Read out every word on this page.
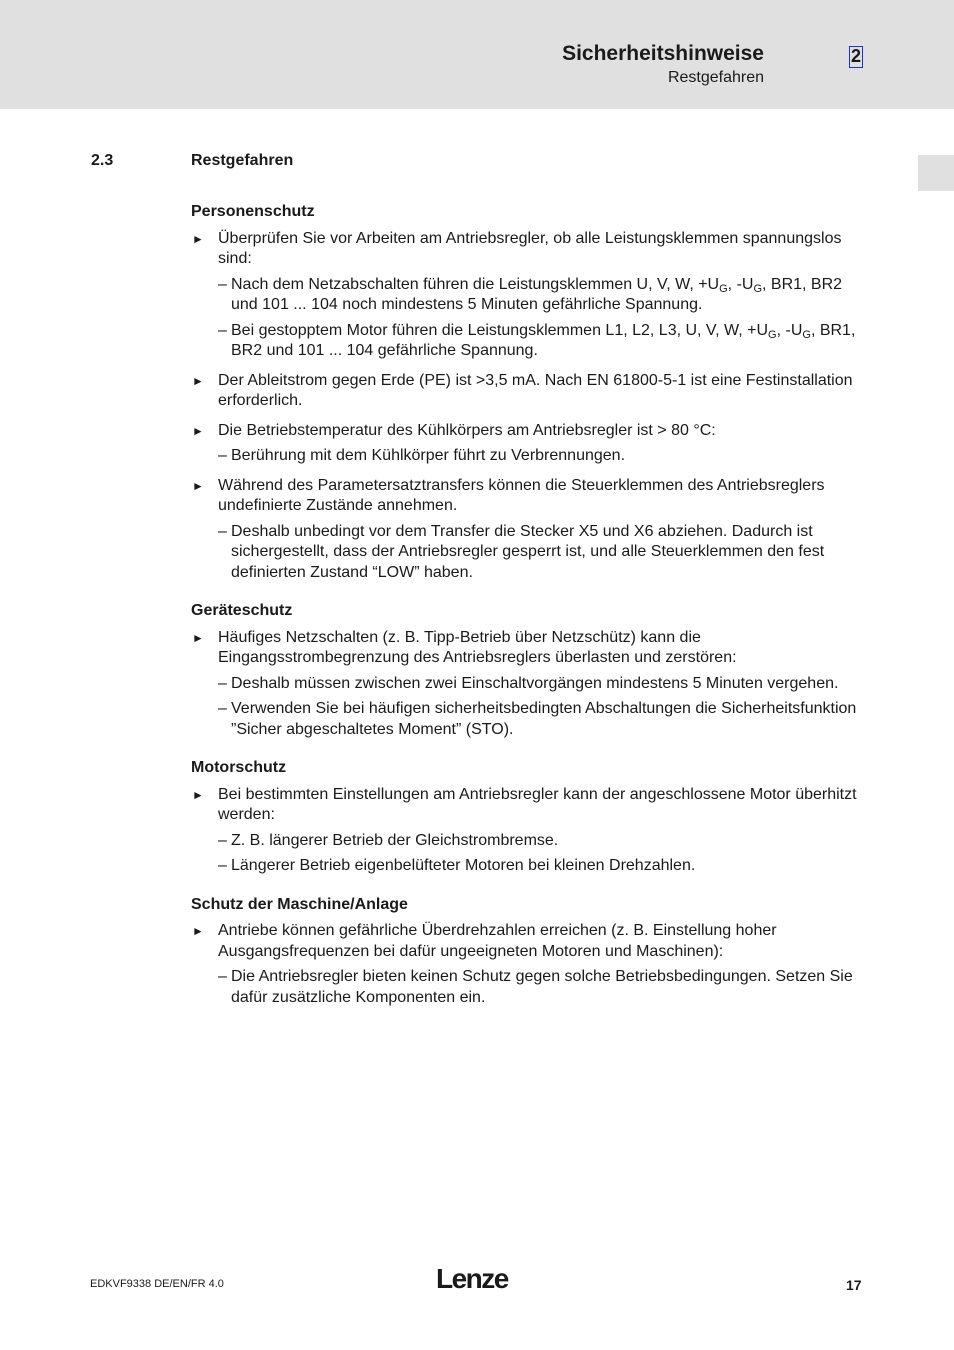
Sicherheitshinweise
Restgefahren
2
2.3	Restgefahren
Personenschutz
► Überprüfen Sie vor Arbeiten am Antriebsregler, ob alle Leistungsklemmen spannungslos sind:
– Nach dem Netzabschalten führen die Leistungsklemmen U, V, W, $+U_G$, $-U_G$, BR1, BR2 und 101 ... 104 noch mindestens 5 Minuten gefährliche Spannung.
– Bei gestopptem Motor führen die Leistungsklemmen L1, L2, L3, U, V, W, $+U_G$, $-U_G$, BR1, BR2 und 101 ... 104 gefährliche Spannung.
► Der Ableitstrom gegen Erde (PE) ist >3,5 mA. Nach EN 61800-5-1 ist eine Festinstallation erforderlich.
► Die Betriebstemperatur des Kühlkörpers am Antriebsregler ist > 80 °C:
– Berührung mit dem Kühlkörper führt zu Verbrennungen.
► Während des Parametersatztransfers können die Steuerklemmen des Antriebsreglers undefinierte Zustände annehmen.
– Deshalb unbedingt vor dem Transfer die Stecker X5 und X6 abziehen. Dadurch ist sichergestellt, dass der Antriebsregler gesperrt ist, und alle Steuerklemmen den fest definierten Zustand “LOW” haben.
Geräteschutz
► Häufiges Netzschalten (z. B. Tipp-Betrieb über Netzschütz) kann die Eingangsstrombegrenzung des Antriebsreglers überlasten und zerstören:
– Deshalb müssen zwischen zwei Einschaltvorgängen mindestens 5 Minuten vergehen.
– Verwenden Sie bei häufigen sicherheitsbedingten Abschaltungen die Sicherheitsfunktion ”Sicher abgeschaltetes Moment” (STO).
Motorschutz
► Bei bestimmten Einstellungen am Antriebsregler kann der angeschlossene Motor überhitzt werden:
– Z. B. längerer Betrieb der Gleichstrombremse.
– Längerer Betrieb eigenbelüfteter Motoren bei kleinen Drehzahlen.
Schutz der Maschine/Anlage
► Antriebe können gefährliche Überdrehzahlen erreichen (z. B. Einstellung hoher Ausgangsfrequenzen bei dafür ungeeigneten Motoren und Maschinen):
– Die Antriebsregler bieten keinen Schutz gegen solche Betriebsbedingungen. Setzen Sie dafür zusätzliche Komponenten ein.
EDKVF9338 DE/EN/FR 4.0	Lenze	17
